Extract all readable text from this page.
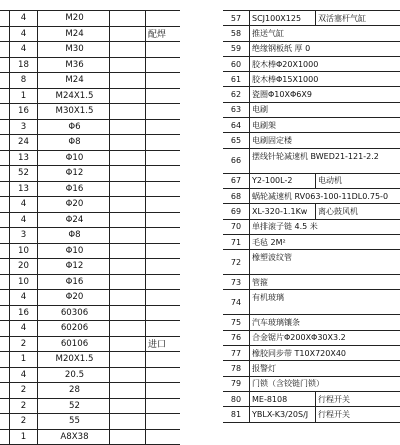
4	M20
4	M24	配焊
4	M30
18	M36
8	M24
1	M24X1.5
16	M30X1.5
3	Φ6
24	Φ8
13	Φ10
52	Φ12
13	Φ16
4	Φ20
4	Φ24
3	Φ8
10	Φ10
20	Φ12
10	Φ16
4	Φ20
16	60306
4	60206
2	60106	进口
1	M20X1.5
4	20.5
2	28
2	52
2	55
1	A8X38
57	SCJ100X125	双活塞杆气缸
58	推送气缸
59	绝缘钢板纸 厚 0
60	胶木棒Φ20X1000
61	胶木棒Φ15X1000
62	瓷圈Φ10XΦ6X9
63	电刷
64	电刷架
65	电刷固定楼
66	摆线针轮减速机 BWED21-121-2.2
67	Y2-100L-2	电动机
68	蜗轮减速机 RV063-100-11DL0.75-0
69	XL-320-1.1Kw	离心鼓风机
70	单排滚子链 4.5 米
71	毛毡 2M²
72	橡塑波纹管
73	管箍
74	有机玻璃
75	汽车玻璃镶条
76	合金锯片Φ200XΦ30X3.2
77	橡胶同步带 T10X720X40
78	报警灯
79	门锁（含铰链门锁）
80	ME-8108	行程开关
81	YBLX-K3/20S/J	行程开关
